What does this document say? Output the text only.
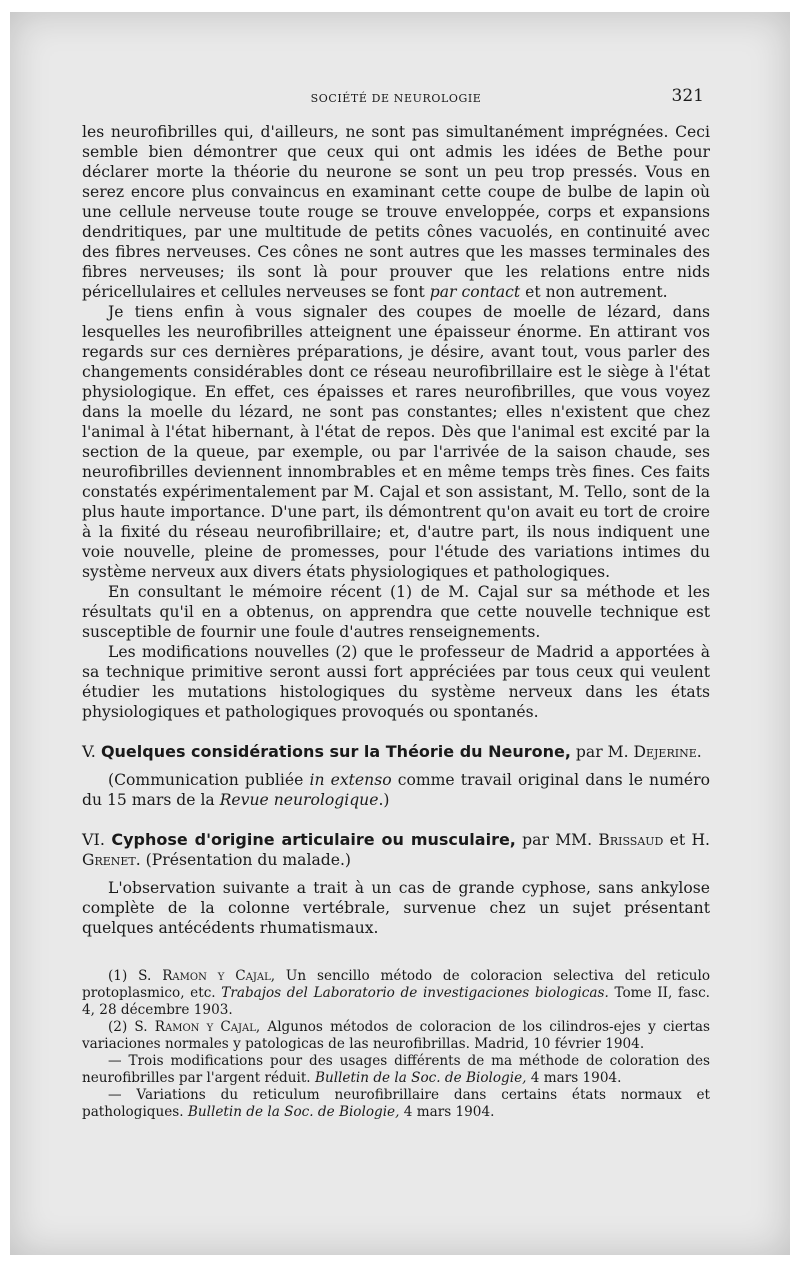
SOCIÉTÉ DE NEUROLOGIE	321

les neurofibrilles qui, d'ailleurs, ne sont pas simultanément imprégnées. Ceci semble bien démontrer que ceux qui ont admis les idées de Bethe pour déclarer morte la théorie du neurone se sont un peu trop pressés. Vous en serez encore plus convaincus en examinant cette coupe de bulbe de lapin où une cellule nerveuse toute rouge se trouve enveloppée, corps et expansions dendritiques, par une multitude de petits cônes vacuolés, en continuité avec des fibres nerveuses. Ces cônes ne sont autres que les masses terminales des fibres nerveuses; ils sont là pour prouver que les relations entre nids péricellulaires et cellules nerveuses se font par contact et non autrement.

Je tiens enfin à vous signaler des coupes de moelle de lézard, dans lesquelles les neurofibrilles atteignent une épaisseur énorme. En attirant vos regards sur ces dernières préparations, je désire, avant tout, vous parler des changements considérables dont ce réseau neurofibrillaire est le siège à l'état physiologique. En effet, ces épaisses et rares neurofibrilles, que vous voyez dans la moelle du lézard, ne sont pas constantes; elles n'existent que chez l'animal à l'état hibernant, à l'état de repos. Dès que l'animal est excité par la section de la queue, par exemple, ou par l'arrivée de la saison chaude, ses neurofibrilles deviennent innombrables et en même temps très fines. Ces faits constatés expérimentalement par M. Cajal et son assistant, M. Tello, sont de la plus haute importance. D'une part, ils démontrent qu'on avait eu tort de croire à la fixité du réseau neurofibrillaire; et, d'autre part, ils nous indiquent une voie nouvelle, pleine de promesses, pour l'étude des variations intimes du système nerveux aux divers états physiologiques et pathologiques.

En consultant le mémoire récent (1) de M. Cajal sur sa méthode et les résultats qu'il en a obtenus, on apprendra que cette nouvelle technique est susceptible de fournir une foule d'autres renseignements.

Les modifications nouvelles (2) que le professeur de Madrid a apportées à sa technique primitive seront aussi fort appréciées par tous ceux qui veulent étudier les mutations histologiques du système nerveux dans les états physiologiques et pathologiques provoqués ou spontanés.

V. Quelques considérations sur la Théorie du Neurone, par M. Dejerine.

(Communication publiée in extenso comme travail original dans le numéro du 15 mars de la Revue neurologique.)

VI. Cyphose d'origine articulaire ou musculaire, par MM. Brissaud et H. Grenet. (Présentation du malade.)

L'observation suivante a trait à un cas de grande cyphose, sans ankylose complète de la colonne vertébrale, survenue chez un sujet présentant quelques antécédents rhumatismaux.

(1) S. Ramon y Cajal, Un sencillo método de coloracion selectiva del reticulo protoplasmico, etc. Trabajos del Laboratorio de investigaciones biologicas. Tome II, fasc. 4, 28 décembre 1903.

(2) S. Ramon y Cajal, Algunos métodos de coloracion de los cilindros-ejes y ciertas variaciones normales y patologicas de las neurofibrillas. Madrid, 10 février 1904.

— Trois modifications pour des usages différents de ma méthode de coloration des neurofibrilles par l'argent réduit. Bulletin de la Soc. de Biologie, 4 mars 1904.

— Variations du reticulum neurofibrillaire dans certains états normaux et pathologiques. Bulletin de la Soc. de Biologie, 4 mars 1904.
